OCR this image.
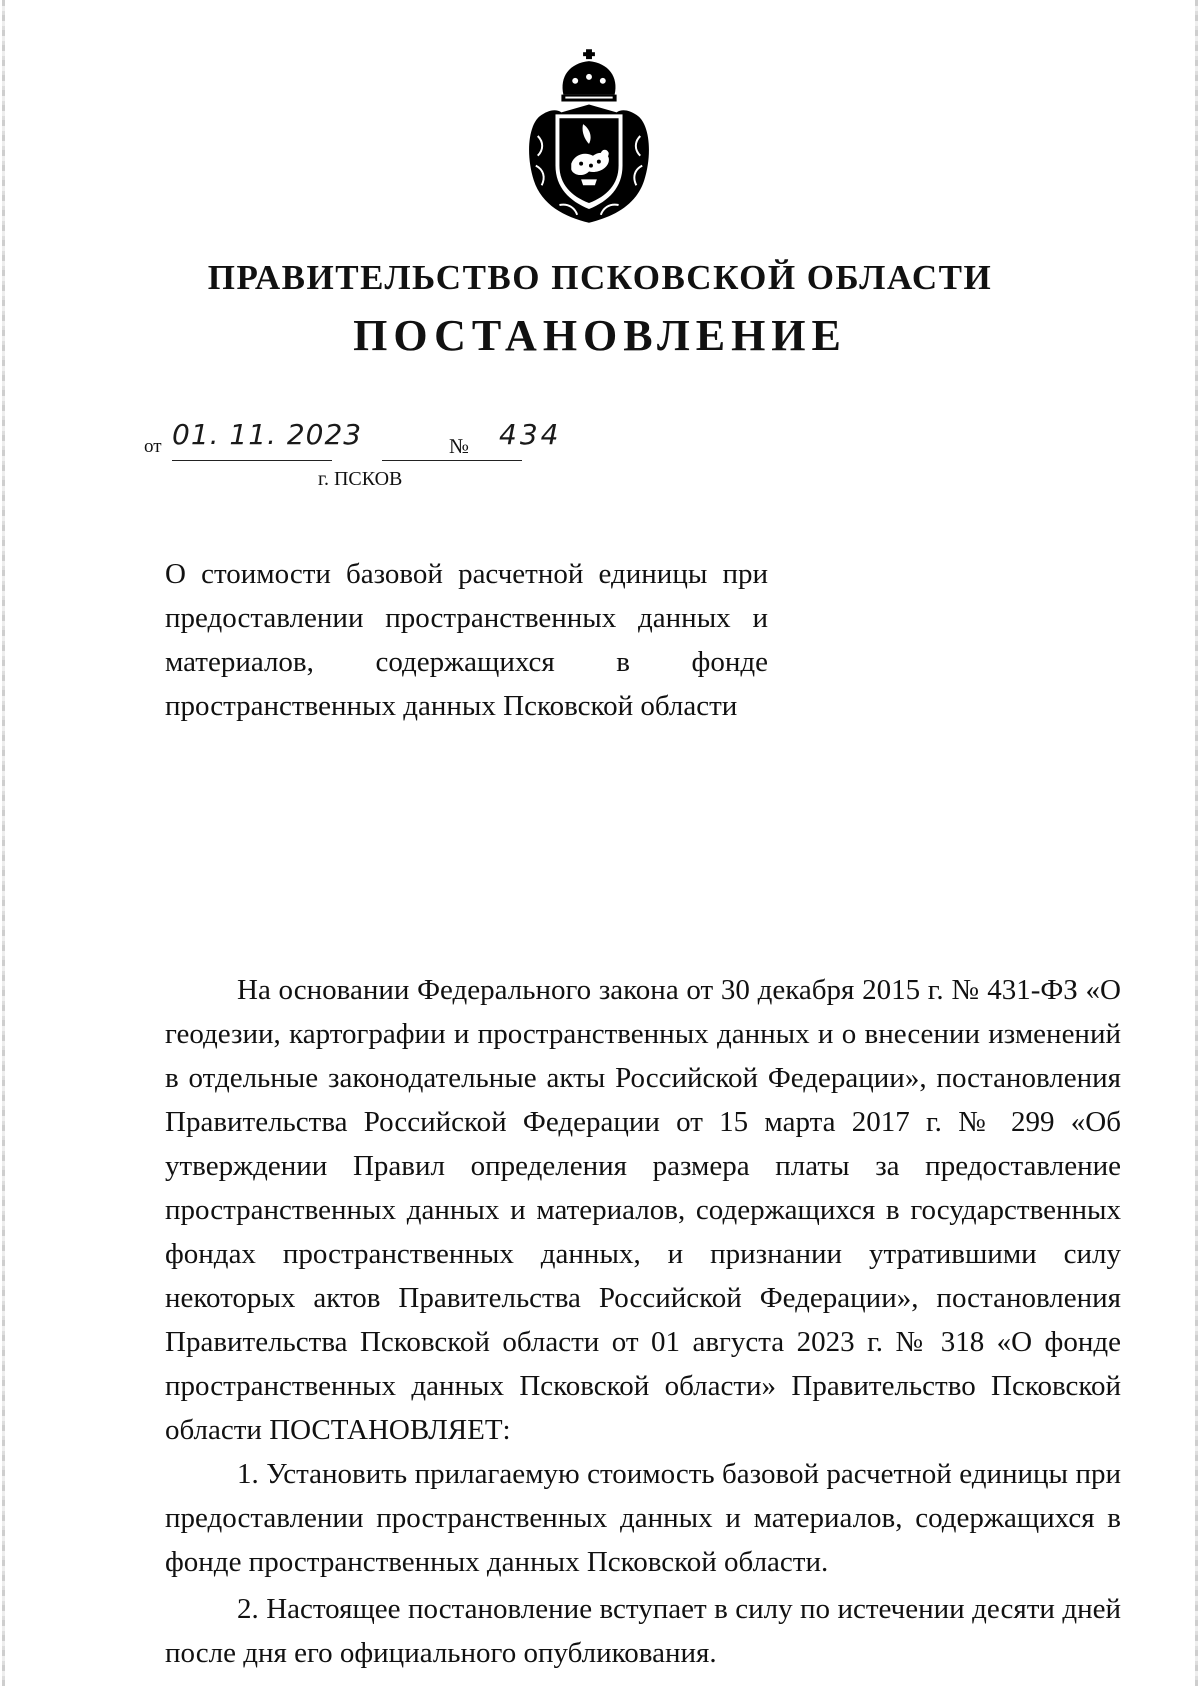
ПРАВИТЕЛЬСТВО ПСКОВСКОЙ ОБЛАСТИ
ПОСТАНОВЛЕНИЕ
от 01. 11. 2023	№ 434
г. ПСКОВ
О стоимости базовой расчетной единицы при предоставлении пространственных данных и материалов, содержащихся в фонде пространственных данных Псковской области

На основании Федерального закона от 30 декабря 2015 г. № 431-ФЗ «О геодезии, картографии и пространственных данных и о внесении изменений в отдельные законодательные акты Российской Федерации», постановления Правительства Российской Федерации от 15 марта 2017 г. № 299 «Об утверждении Правил определения размера платы за предоставление пространственных данных и материалов, содержащихся в государственных фондах пространственных данных, и признании утратившими силу некоторых актов Правительства Российской Федерации», постановления Правительства Псковской области от 01 августа 2023 г. № 318 «О фонде пространственных данных Псковской области» Правительство Псковской области ПОСТАНОВЛЯЕТ:

1. Установить прилагаемую стоимость базовой расчетной единицы при предоставлении пространственных данных и материалов, содержащихся в фонде пространственных данных Псковской области.

2. Настоящее постановление вступает в силу по истечении десяти дней после дня его официального опубликования.
